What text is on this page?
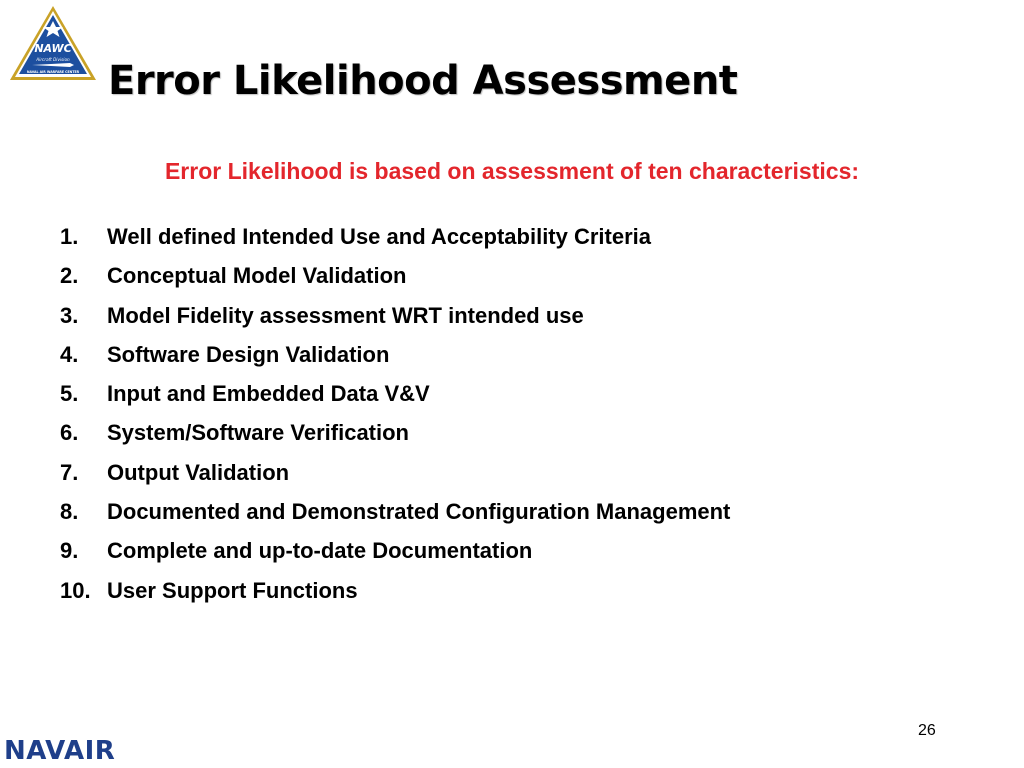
NAWC
Aircraft Division
NAVAL AIR WARFARE CENTER Error Likelihood Assessment

Error Likelihood is based on assessment of ten characteristics:

1.	Well defined Intended Use and Acceptability Criteria
2.	Conceptual Model Validation
3.	Model Fidelity assessment WRT intended use
4.	Software Design Validation
5.	Input and Embedded Data V&V
6.	System/Software Verification
7.	Output Validation
8.	Documented and Demonstrated Configuration Management
9.	Complete and up-to-date Documentation
10. User Support Functions
26
NAVAIR
